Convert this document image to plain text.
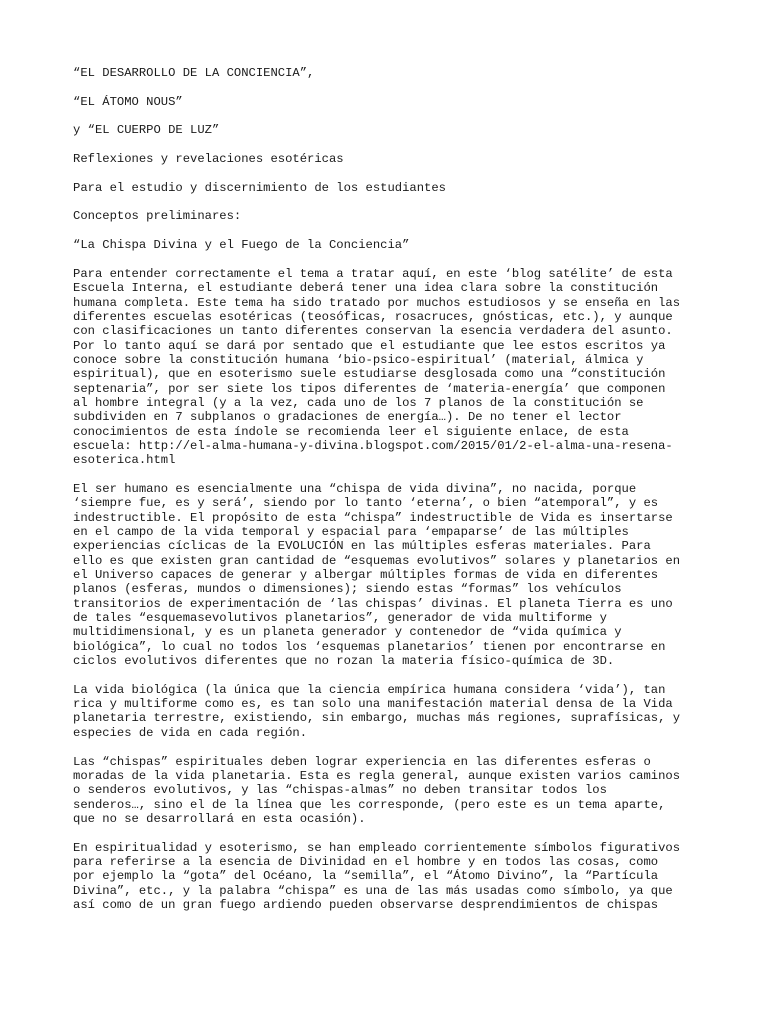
“EL DESARROLLO DE LA CONCIENCIA”,
“EL ÁTOMO NOUS”
y “EL CUERPO DE LUZ”
Reflexiones y revelaciones esotéricas
Para el estudio y discernimiento de los estudiantes
Conceptos preliminares:
“La Chispa Divina y el Fuego de la Conciencia”
Para entender correctamente el tema a tratar aquí, en este ‘blog satélite’ de esta
Escuela Interna, el estudiante deberá tener una idea clara sobre la constitución
humana completa. Este tema ha sido tratado por muchos estudiosos y se enseña en las
diferentes escuelas esotéricas (teosóficas, rosacruces, gnósticas, etc.), y aunque
con clasificaciones un tanto diferentes conservan la esencia verdadera del asunto.
Por lo tanto aquí se dará por sentado que el estudiante que lee estos escritos ya
conoce sobre la constitución humana ‘bio-psico-espiritual’ (material, álmica y
espiritual), que en esoterismo suele estudiarse desglosada como una “constitución
septenaria”, por ser siete los tipos diferentes de ‘materia-energía’ que componen
al hombre integral (y a la vez, cada uno de los 7 planos de la constitución se
subdividen en 7 subplanos o gradaciones de energía…). De no tener el lector
conocimientos de esta índole se recomienda leer el siguiente enlace, de esta
escuela: http://el-alma-humana-y-divina.blogspot.com/2015/01/2-el-alma-una-resena-
esoterica.html
El ser humano es esencialmente una “chispa de vida divina”, no nacida, porque
‘siempre fue, es y será’, siendo por lo tanto ‘eterna’, o bien “atemporal”, y es
indestructible. El propósito de esta “chispa” indestructible de Vida es insertarse
en el campo de la vida temporal y espacial para ‘empaparse’ de las múltiples
experiencias cíclicas de la EVOLUCIÓN en las múltiples esferas materiales. Para
ello es que existen gran cantidad de “esquemas evolutivos” solares y planetarios en
el Universo capaces de generar y albergar múltiples formas de vida en diferentes
planos (esferas, mundos o dimensiones); siendo estas “formas” los vehículos
transitorios de experimentación de ‘las chispas’ divinas. El planeta Tierra es uno
de tales “esquemasevolutivos planetarios”, generador de vida multiforme y
multidimensional, y es un planeta generador y contenedor de “vida química y
biológica”, lo cual no todos los ‘esquemas planetarios’ tienen por encontrarse en
ciclos evolutivos diferentes que no rozan la materia físico-química de 3D.
La vida biológica (la única que la ciencia empírica humana considera ‘vida’), tan
rica y multiforme como es, es tan solo una manifestación material densa de la Vida
planetaria terrestre, existiendo, sin embargo, muchas más regiones, suprafísicas, y
especies de vida en cada región.
Las “chispas” espirituales deben lograr experiencia en las diferentes esferas o
moradas de la vida planetaria. Esta es regla general, aunque existen varios caminos
o senderos evolutivos, y las “chispas-almas” no deben transitar todos los
senderos…, sino el de la línea que les corresponde, (pero este es un tema aparte,
que no se desarrollará en esta ocasión).
En espiritualidad y esoterismo, se han empleado corrientemente símbolos figurativos
para referirse a la esencia de Divinidad en el hombre y en todos las cosas, como
por ejemplo la “gota” del Océano, la “semilla”, el “Átomo Divino”, la “Partícula
Divina”, etc., y la palabra “chispa” es una de las más usadas como símbolo, ya que
así como de un gran fuego ardiendo pueden observarse desprendimientos de chispas
